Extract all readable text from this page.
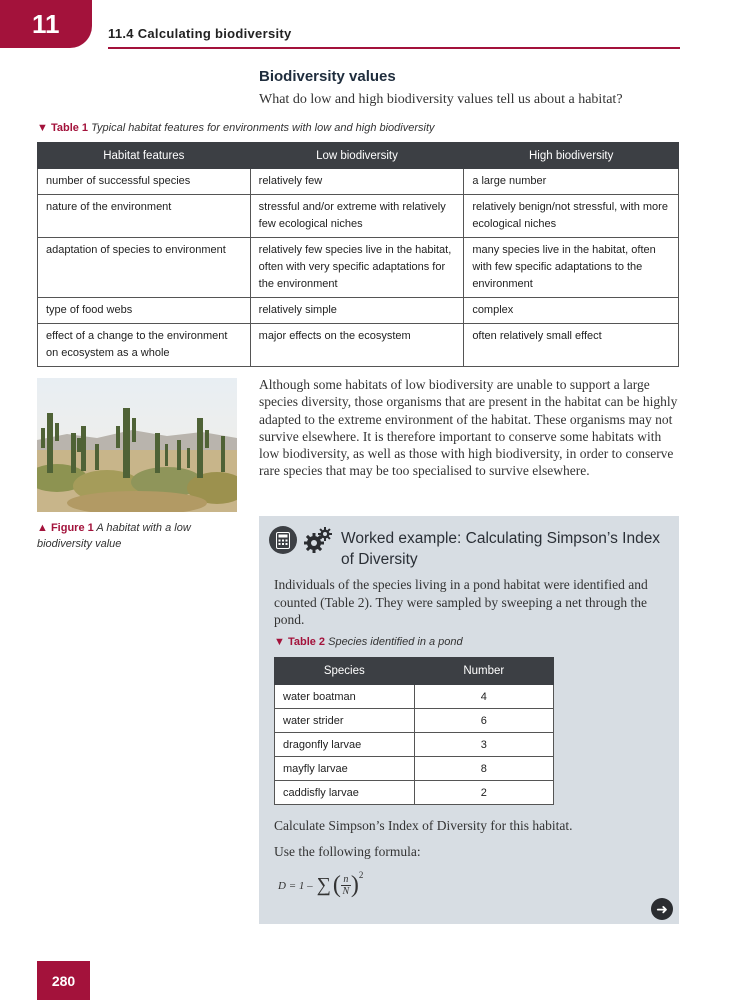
11	11.4 Calculating biodiversity
Biodiversity values
What do low and high biodiversity values tell us about a habitat?
▼ Table 1 Typical habitat features for environments with low and high biodiversity
Habitat features	Low biodiversity	High biodiversity
number of successful species	relatively few	a large number
nature of the environment	stressful and/or extreme with relatively few ecological niches	relatively benign/not stressful, with more ecological niches
adaptation of species to environment	relatively few species live in the habitat, often with very specific adaptations for the environment	many species live in the habitat, often with few specific adaptations to the environment
type of food webs	relatively simple	complex
effect of a change to the environment on ecosystem as a whole	major effects on the ecosystem	often relatively small effect
▲ Figure 1 A habitat with a low biodiversity value
Although some habitats of low biodiversity are unable to support a large species diversity, those organisms that are present in the habitat can be highly adapted to the extreme environment of the habitat. These organisms may not survive elsewhere. It is therefore important to conserve some habitats with low biodiversity, as well as those with high biodiversity, in order to conserve rare species that may be too specialised to survive elsewhere.
Worked example: Calculating Simpson’s Index of Diversity
Individuals of the species living in a pond habitat were identified and counted (Table 2). They were sampled by sweeping a net through the pond.
▼ Table 2 Species identified in a pond
Species	Number
water boatman	4
water strider	6
dragonfly larvae	3
mayfly larvae	8
caddisfly larvae	2
Calculate Simpson’s Index of Diversity for this habitat.
Use the following formula:
D = 1 – ∑ ( n
N ) 2
➜
280
